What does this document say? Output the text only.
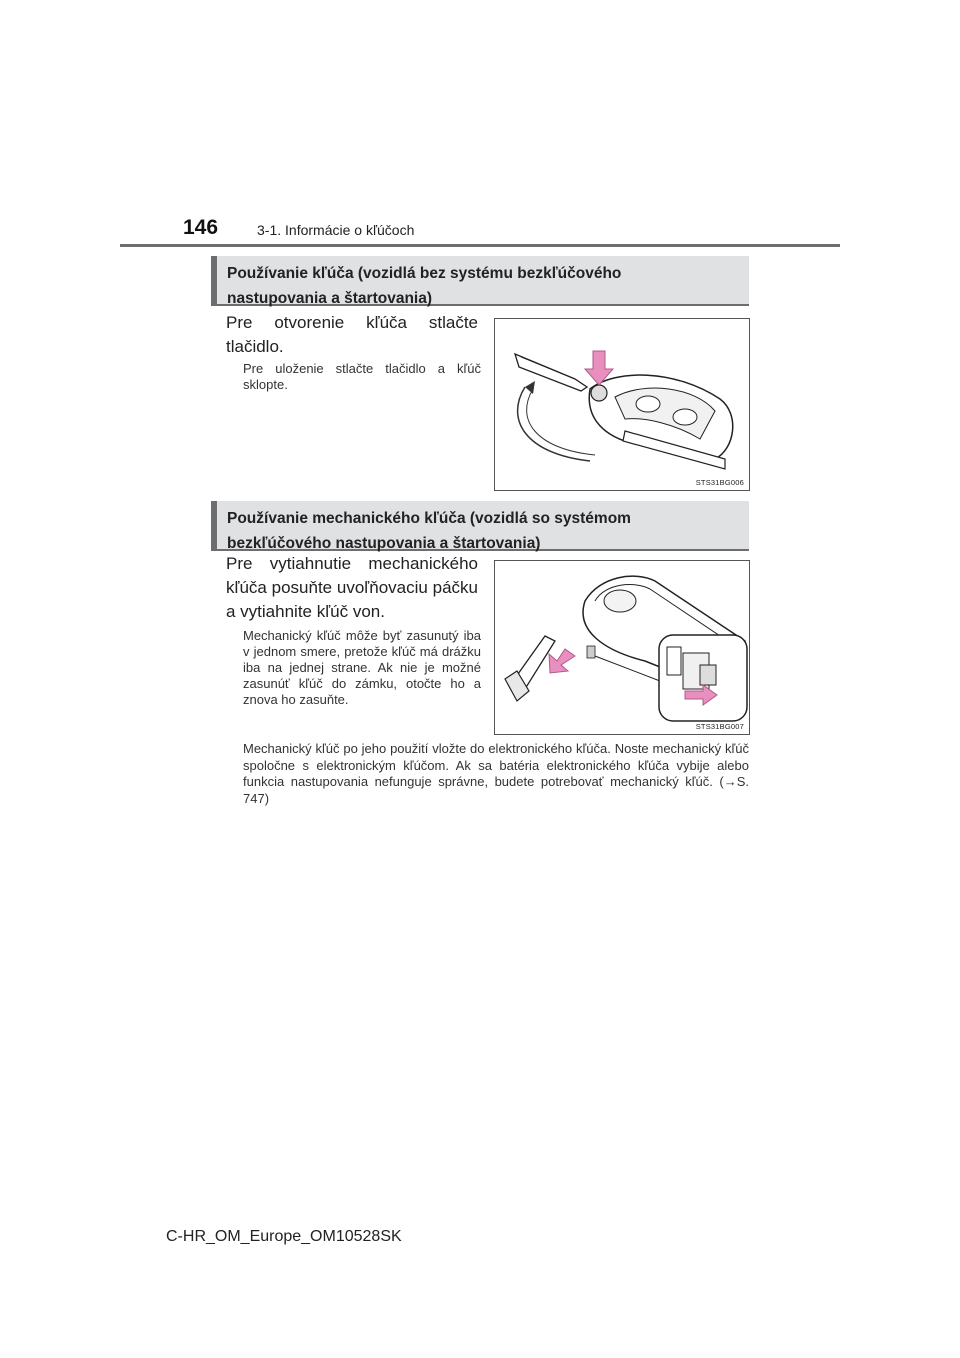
146	3-1. Informácie o kľúčoch
Používanie kľúča (vozidlá bez systému bezkľúčového
nastupovania a štartovania)
Pre otvorenie kľúča stlačte tlačidlo.
Pre uloženie stlačte tlačidlo a kľúč sklopte.
STS31BG006
Používanie mechanického kľúča (vozidlá so systémom
bezkľúčového nastupovania a štartovania)
Pre vytiahnutie mechanického kľúča posuňte uvoľňovaciu páčku a vytiahnite kľúč von.
Mechanický kľúč môže byť zasunutý iba v jednom smere, pretože kľúč má drážku iba na jednej strane. Ak nie je možné zasunúť kľúč do zámku, otočte ho a znova ho zasuňte.
STS31BG007
Mechanický kľúč po jeho použití vložte do elektronického kľúča. Noste mechanický kľúč spoločne s elektronickým kľúčom. Ak sa batéria elektronického kľúča vybije alebo funkcia nastupovania nefunguje správne, budete potrebovať mechanický kľúč. (→S. 747)
C-HR_OM_Europe_OM10528SK
